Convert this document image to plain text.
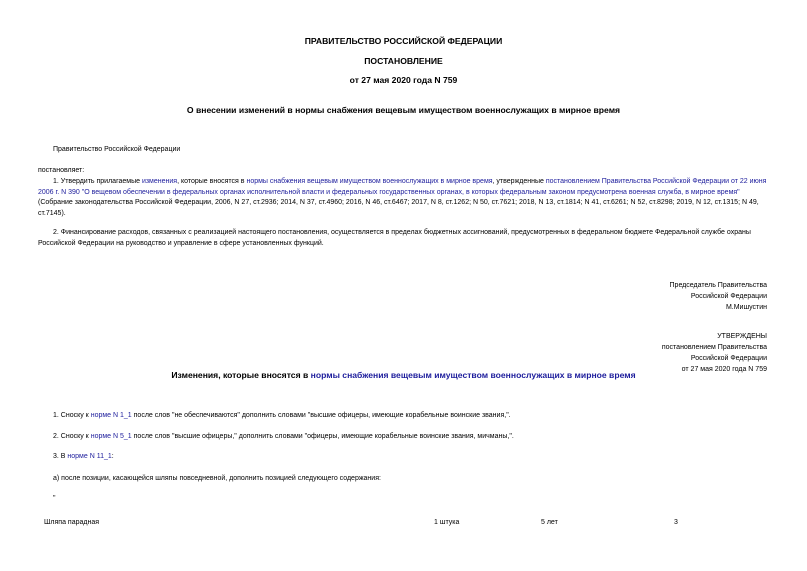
ПРАВИТЕЛЬСТВО РОССИЙСКОЙ ФЕДЕРАЦИИ
ПОСТАНОВЛЕНИЕ
от 27 мая 2020 года N 759
О внесении изменений в нормы снабжения вещевым имуществом военнослужащих в мирное время
Правительство Российской Федерации
постановляет:
1. Утвердить прилагаемые изменения, которые вносятся в нормы снабжения вещевым имуществом военнослужащих в мирное время, утвержденные постановлением Правительства Российской Федерации от 22 июня 2006 г. N 390 "О вещевом обеспечении в федеральных органах исполнительной власти и федеральных государственных органах, в которых федеральным законом предусмотрена военная служба, в мирное время" (Собрание законодательства Российской Федерации, 2006, N 27, ст.2936; 2014, N 37, ст.4960; 2016, N 46, ст.6467; 2017, N 8, ст.1262; N 50, ст.7621; 2018, N 13, ст.1814; N 41, ст.6261; N 52, ст.8298; 2019, N 12, ст.1315; N 49, ст.7145).
2. Финансирование расходов, связанных с реализацией настоящего постановления, осуществляется в пределах бюджетных ассигнований, предусмотренных в федеральном бюджете Федеральной службе охраны Российской Федерации на руководство и управление в сфере установленных функций.
Председатель Правительства
Российской Федерации
М.Мишустин
УТВЕРЖДЕНЫ
постановлением Правительства
Российской Федерации
от 27 мая 2020 года N 759
Изменения, которые вносятся в нормы снабжения вещевым имуществом военнослужащих в мирное время
1. Сноску к норме N 1_1 после слов "не обеспечиваются" дополнить словами "высшие офицеры, имеющие корабельные воинские звания,".
2. Сноску к норме N 5_1 после слов "высшие офицеры," дополнить словами "офицеры, имеющие корабельные воинские звания, мичманы,".
3. В норме N 11_1:
а) после позиции, касающейся шляпы повседневной, дополнить позицией следующего содержания:
"
Шляпа парадная	1 штука	5 лет	3
